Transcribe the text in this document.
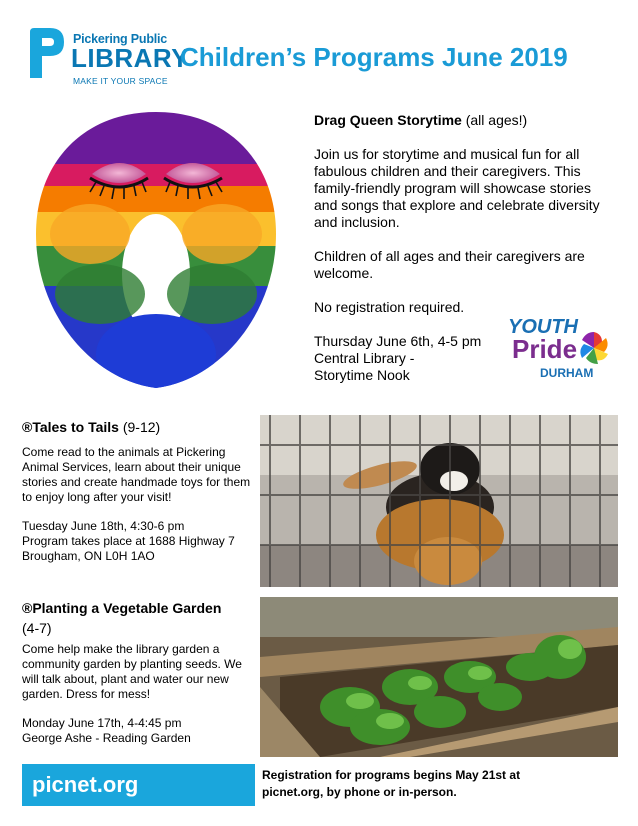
Pickering Public
LIBRARY
MAKE IT YOUR SPACE
Children’s Programs June 2019

Drag Queen Storytime (all ages!)

Join us for storytime and musical fun for all fabulous children and their caregivers. This family-friendly program will showcase stories and songs that explore and celebrate diversity and inclusion.

Children of all ages and their caregivers are welcome.

No registration required.

Thursday June 6th, 4-5 pm
Central Library -
Storytime Nook

YOUTH
Pride
DURHAM

®Tales to Tails (9-12)

Come read to the animals at Pickering Animal Services, learn about their unique stories and create handmade toys for them to enjoy long after your visit!

Tuesday June 18th, 4:30-6 pm
Program takes place at 1688 Highway 7
Brougham, ON L0H 1AO

®Planting a Vegetable Garden
(4-7)

Come help make the library garden a community garden by planting seeds. We will talk about, plant and water our new garden. Dress for mess!

Monday June 17th, 4-4:45 pm
George Ashe - Reading Garden

picnet.org	Registration for programs begins May 21st at
picnet.org, by phone or in-person.
